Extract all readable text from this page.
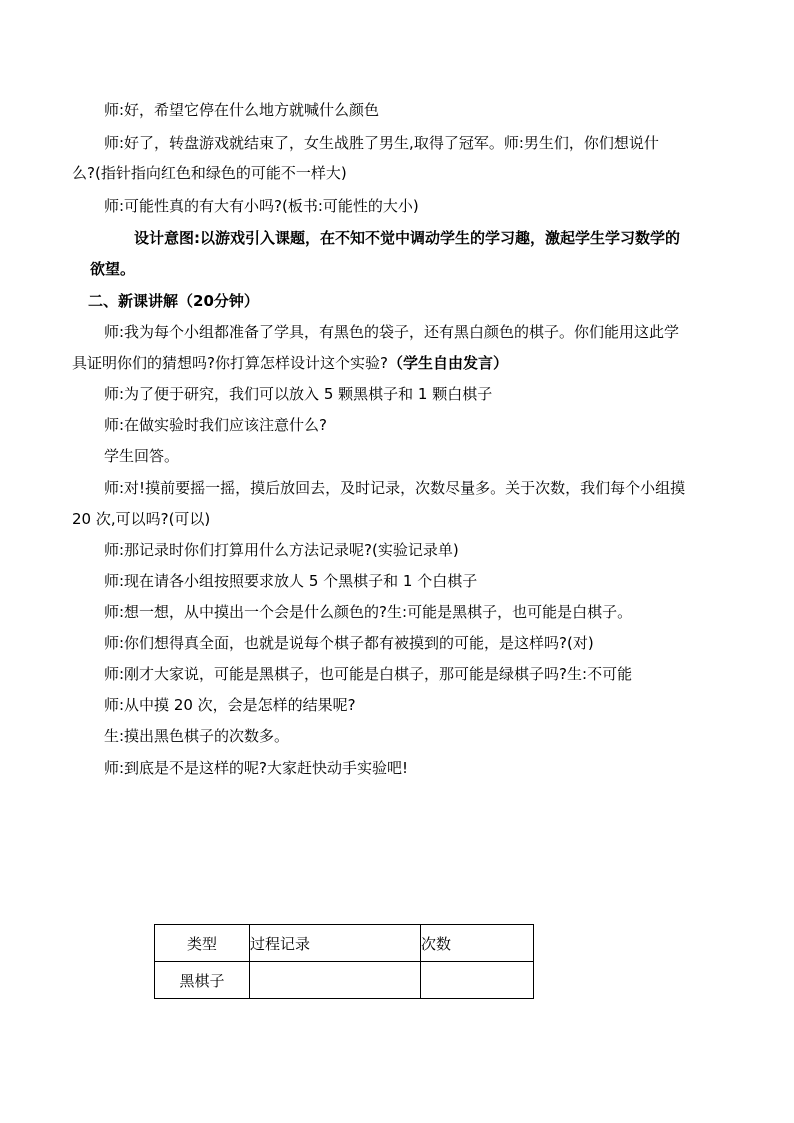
师:好，希望它停在什么地方就喊什么颜色
师:好了，转盘游戏就结束了，女生战胜了男生,取得了冠军。师:男生们，你们想说什
么?(指针指向红色和绿色的可能不一样大)
师:可能性真的有大有小吗?(板书:可能性的大小)
设计意图:以游戏引入课题，在不知不觉中调动学生的学习趣，激起学生学习数学的
欲望。
二、新课讲解（20分钟）
师:我为每个小组都准备了学具，有黑色的袋子，还有黑白颜色的棋子。你们能用这此学
具证明你们的猜想吗?你打算怎样设计这个实验?（学生自由发言）
师:为了便于研究，我们可以放入 5 颗黑棋子和 1 颗白棋子
师:在做实验时我们应该注意什么?
学生回答。
师:对!摸前要摇一摇，摸后放回去，及时记录，次数尽量多。关于次数，我们每个小组摸
20 次,可以吗?(可以)
师:那记录时你们打算用什么方法记录呢?(实验记录单)
师:现在请各小组按照要求放人 5 个黑棋子和 1 个白棋子
师:想一想，从中摸出一个会是什么颜色的?生:可能是黑棋子，也可能是白棋子。
师:你们想得真全面，也就是说每个棋子都有被摸到的可能，是这样吗?(对)
师:刚才大家说，可能是黑棋子，也可能是白棋子，那可能是绿棋子吗?生:不可能
师:从中摸 20 次，会是怎样的结果呢?
生:摸出黑色棋子的次数多。
师:到底是不是这样的呢?大家赶快动手实验吧!
类型	过程记录	次数
黑棋子		
